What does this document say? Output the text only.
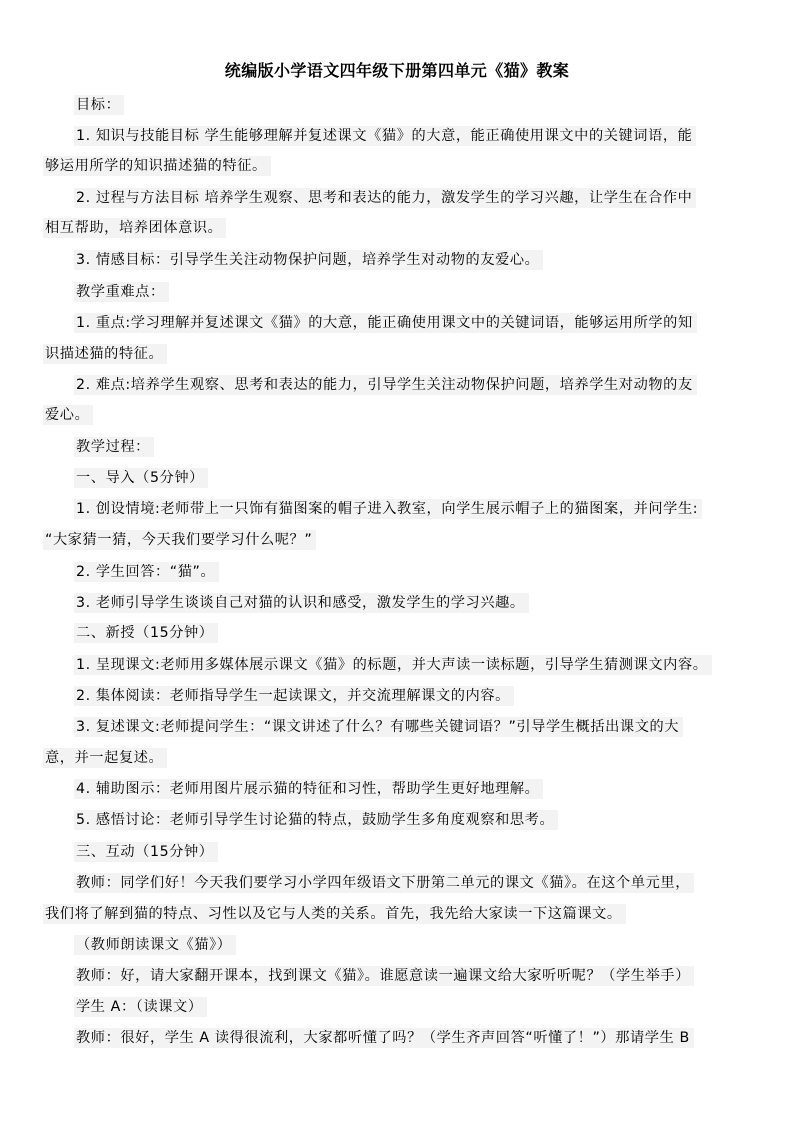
统编版小学语文四年级下册第四单元《猫》教案
目标：
1. 知识与技能目标 学生能够理解并复述课文《猫》的大意，能正确使用课文中的关键词语，能
够运用所学的知识描述猫的特征。
2. 过程与方法目标 培养学生观察、思考和表达的能力，激发学生的学习兴趣，让学生在合作中
相互帮助，培养团体意识。
3. 情感目标：引导学生关注动物保护问题，培养学生对动物的友爱心。
教学重难点：
1. 重点:学习理解并复述课文《猫》的大意，能正确使用课文中的关键词语，能够运用所学的知
识描述猫的特征。
2. 难点:培养学生观察、思考和表达的能力，引导学生关注动物保护问题，培养学生对动物的友
爱心。
教学过程：
一、导入（5分钟）
1. 创设情境:老师带上一只饰有猫图案的帽子进入教室，向学生展示帽子上的猫图案，并问学生:
“大家猜一猜，今天我们要学习什么呢？”
2. 学生回答：“猫”。
3. 老师引导学生谈谈自己对猫的认识和感受，激发学生的学习兴趣。
二、新授（15分钟）
1. 呈现课文:老师用多媒体展示课文《猫》的标题，并大声读一读标题，引导学生猜测课文内容。
2. 集体阅读：老师指导学生一起读课文，并交流理解课文的内容。
3. 复述课文:老师提问学生：“课文讲述了什么？有哪些关键词语？”引导学生概括出课文的大
意，并一起复述。
4. 辅助图示：老师用图片展示猫的特征和习性，帮助学生更好地理解。
5. 感悟讨论：老师引导学生讨论猫的特点，鼓励学生多角度观察和思考。
三、互动（15分钟）
教师：同学们好！今天我们要学习小学四年级语文下册第二单元的课文《猫》。在这个单元里，
我们将了解到猫的特点、习性以及它与人类的关系。首先，我先给大家读一下这篇课文。
（教师朗读课文《猫》）
教师：好，请大家翻开课本，找到课文《猫》。谁愿意读一遍课文给大家听听呢？（学生举手）
学生 A：（读课文）
教师：很好，学生 A 读得很流利，大家都听懂了吗？（学生齐声回答“听懂了！”）那请学生 B
